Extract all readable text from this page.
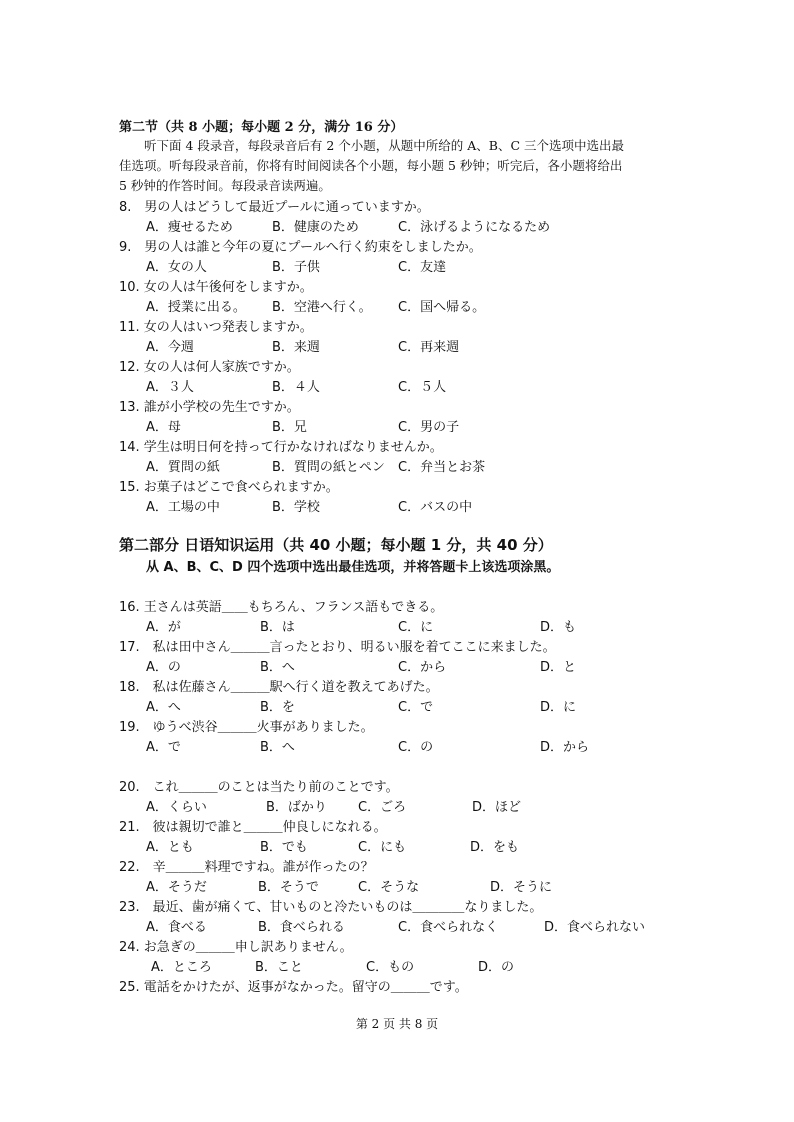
第二节（共 8 小题；每小题 2 分，满分 16 分）
听下面 4 段录音，每段录音后有 2 个小题，从题中所给的 A、B、C 三个选项中选出最
佳选项。听每段录音前，你将有时间阅读各个小题，每小题 5 秒钟；听完后，各小题将给出
5 秒钟的作答时间。每段录音读两遍。
8.　男の人はどうして最近プールに通っていますか。
A．痩せるため	B．健康のため	C．泳げるようになるため
9.　男の人は誰と今年の夏にプールへ行く約束をしましたか。
A．女の人	B．子供	C．友達
10. 女の人は午後何をしますか。
A．授業に出る。 B．空港へ行く。 C．国へ帰る。
11. 女の人はいつ発表しますか。
A．今週	B．来週	C．再来週
12. 女の人は何人家族ですか。
A．３人	B．４人	C．５人
13. 誰が小学校の先生ですか。
A．母	B．兄	C．男の子
14. 学生は明日何を持って行かなければなりませんか。
A．質問の紙	B．質問の紙とペン C．弁当とお茶
15. お菓子はどこで食べられますか。
A．工場の中	B．学校	C．バスの中
第二部分 日语知识运用（共 40 小题；每小题 1 分，共 40 分）
从 A、B、C、D 四个选项中选出最佳选项，并将答题卡上该选项涂黑。
16. 王さんは英語＿＿もちろん、フランス語もできる。
A．が	B．は	C．に	D．も
17.　私は田中さん＿＿＿言ったとおり、明るい服を着てここに来ました。
A．の	B．へ	C．から	D．と
18.　私は佐藤さん＿＿＿駅へ行く道を教えてあげた。
A．へ	B．を	C．で	D．に
19.　ゆうべ渋谷＿＿＿火事がありました。
A．で	B．へ	C．の	D．から
20.　これ＿＿＿のことは当たり前のことです。
A．くらい	B．ばかり C．ごろ	D．ほど
21.　彼は親切で誰と＿＿＿仲良しになれる。
A．とも	B．でも	C．にも	D．をも
22.　辛＿＿＿料理ですね。誰が作ったの？
A．そうだ	B．そうで	C．そうな	D．そうに
23.　最近、歯が痛くて、甘いものと冷たいものは＿＿＿＿なりました。
A．食べる	B．食べられる	C．食べられなく	D．食べられない
24. お急ぎの＿＿＿申し訳ありません。
A．ところ	B．こと	C．もの	D．の
25. 電話をかけたが、返事がなかった。留守の＿＿＿です。
第 2 页 共 8 页
